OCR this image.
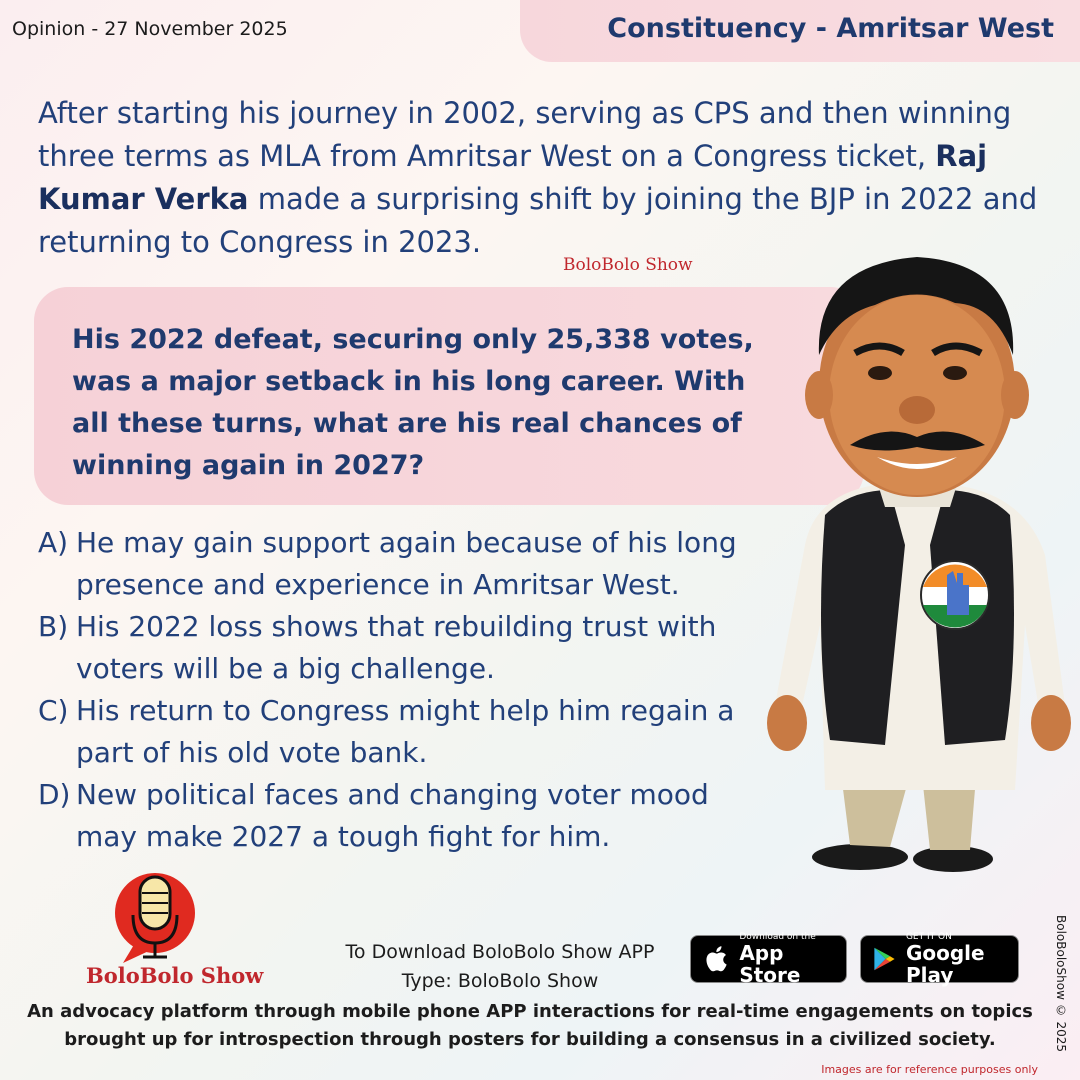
Opinion - 27 November 2025	Constituency - Amritsar West
After starting his journey in 2002, serving as CPS and then winning three terms as MLA from Amritsar West on a Congress ticket, Raj Kumar Verka made a surprising shift by joining the BJP in 2022 and returning to Congress in 2023.
BoloBolo Show
His 2022 defeat, securing only 25,338 votes, was a major setback in his long career. With all these turns, what are his real chances of winning again in 2027?
A) He may gain support again because of his long presence and experience in Amritsar West.
B) His 2022 loss shows that rebuilding trust with voters will be a big challenge.
C) His return to Congress might help him regain a part of his old vote bank.
D) New political faces and changing voter mood may make 2027 a tough fight for him.
BoloBolo Show
To Download BoloBolo Show APP
Type: BoloBolo Show
Download on the
App Store
GET IT ON
Google Play
An advocacy platform through mobile phone APP interactions for real-time engagements on topics brought up for introspection through posters for building a consensus in a civilized society.	BoloBoloShow © 2025
Images are for reference purposes only
